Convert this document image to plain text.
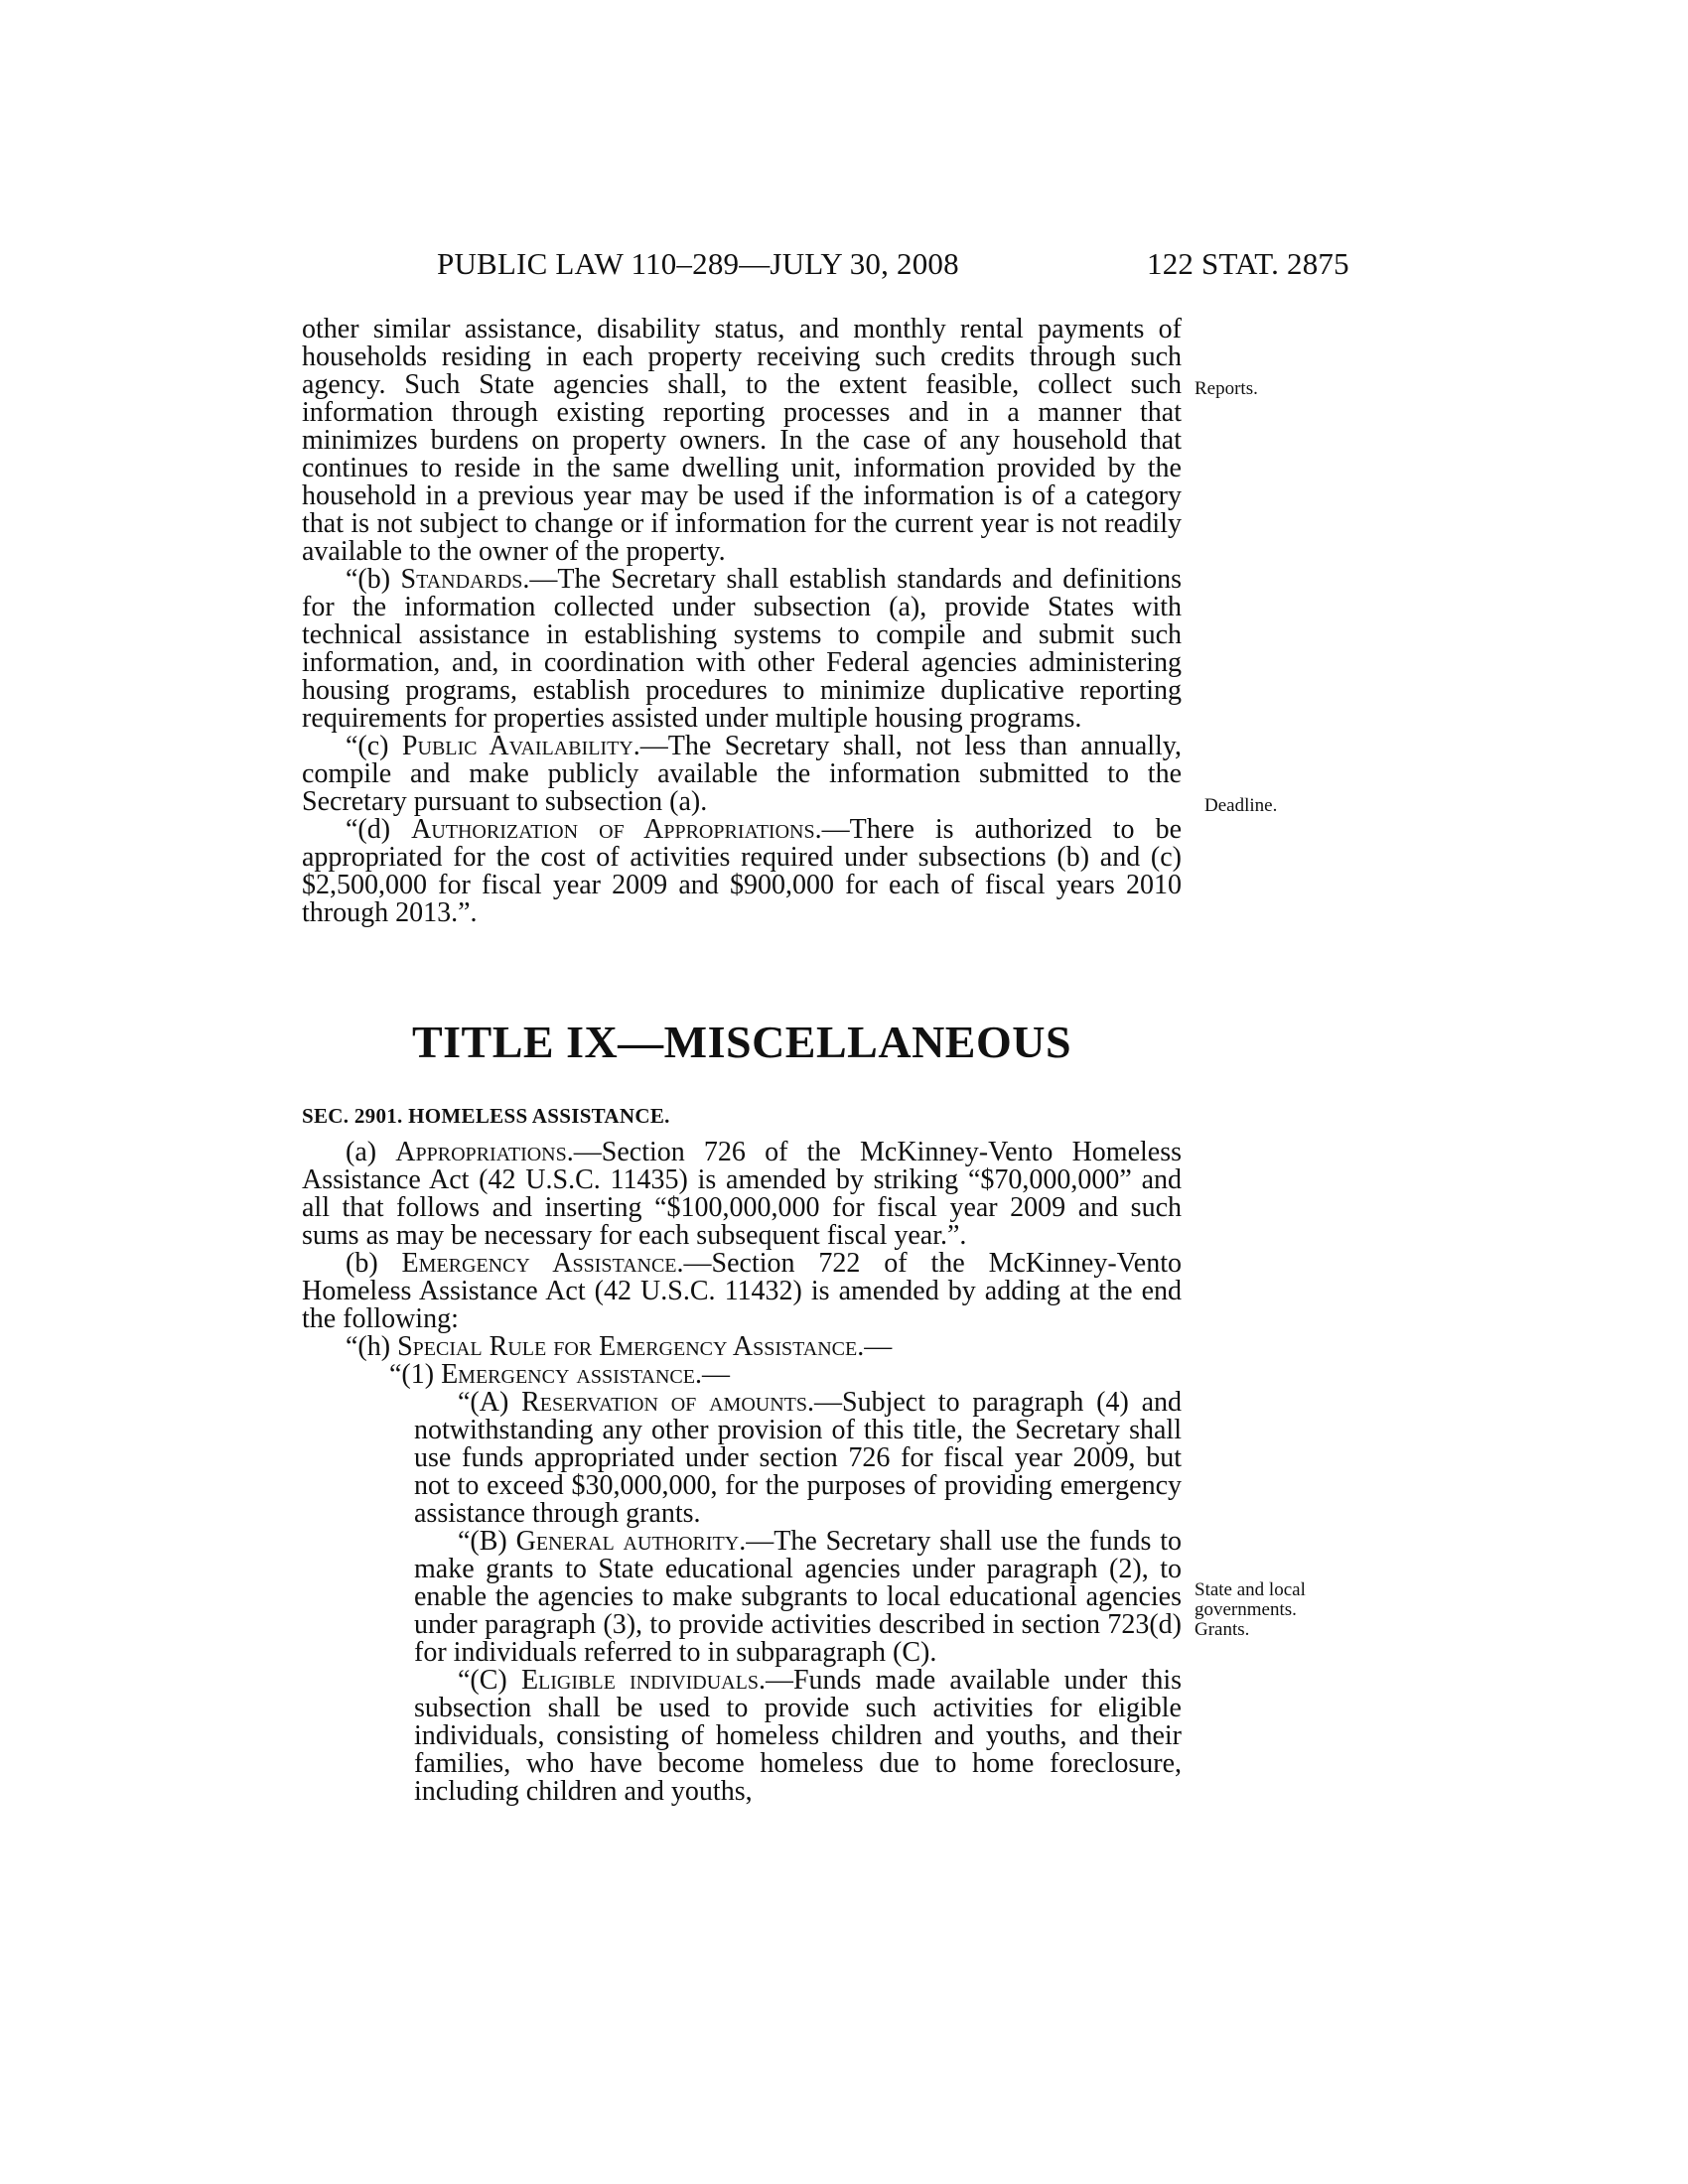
PUBLIC LAW 110–289—JULY 30, 2008	122 STAT. 2875

other similar assistance, disability status, and monthly rental payments of households residing in each property receiving such credits through such agency. Such State agencies shall, to the extent feasible, collect such information through existing reporting processes and in a manner that minimizes burdens on property owners. In the case of any household that continues to reside in the same dwelling unit, information provided by the household in a previous year may be used if the information is of a category that is not subject to change or if information for the current year is not readily available to the owner of the property.

“(b) Standards.—The Secretary shall establish standards and definitions for the information collected under subsection (a), provide States with technical assistance in establishing systems to compile and submit such information, and, in coordination with other Federal agencies administering housing programs, establish procedures to minimize duplicative reporting requirements for properties assisted under multiple housing programs.

“(c) Public Availability.—The Secretary shall, not less than annually, compile and make publicly available the information submitted to the Secretary pursuant to subsection (a).

“(d) Authorization of Appropriations.—There is authorized to be appropriated for the cost of activities required under subsections (b) and (c) $2,500,000 for fiscal year 2009 and $900,000 for each of fiscal years 2010 through 2013.”.

TITLE IX—MISCELLANEOUS
SEC. 2901. HOMELESS ASSISTANCE.

(a) Appropriations.—Section 726 of the McKinney-Vento Homeless Assistance Act (42 U.S.C. 11435) is amended by striking “$70,000,000” and all that follows and inserting “$100,000,000 for fiscal year 2009 and such sums as may be necessary for each subsequent fiscal year.”.

(b) Emergency Assistance.—Section 722 of the McKinney-Vento Homeless Assistance Act (42 U.S.C. 11432) is amended by adding at the end the following:

“(h) Special Rule for Emergency Assistance.—

“(1) Emergency assistance.—

“(A) Reservation of amounts.—Subject to paragraph (4) and notwithstanding any other provision of this title, the Secretary shall use funds appropriated under section 726 for fiscal year 2009, but not to exceed $30,000,000, for the purposes of providing emergency assistance through grants.

“(B) General authority.—The Secretary shall use the funds to make grants to State educational agencies under paragraph (2), to enable the agencies to make subgrants to local educational agencies under paragraph (3), to provide activities described in section 723(d) for individuals referred to in subparagraph (C).

“(C) Eligible individuals.—Funds made available under this subsection shall be used to provide such activities for eligible individuals, consisting of homeless children and youths, and their families, who have become homeless due to home foreclosure, including children and youths,

Reports.
Deadline.
State and local
governments.
Grants.
